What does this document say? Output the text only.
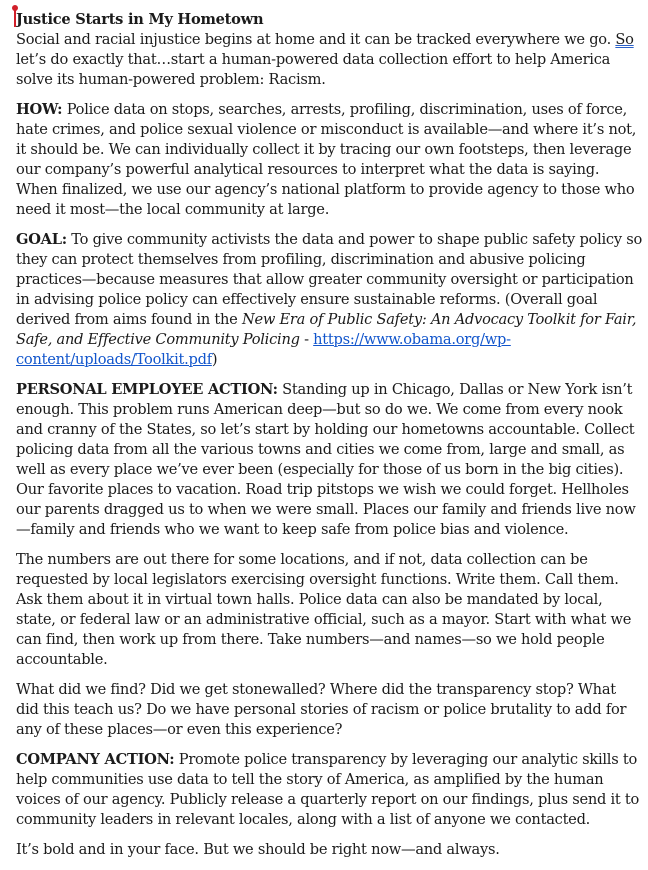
Justice Starts in My Hometown

Social and racial injustice begins at home and it can be tracked everywhere we go. So let’s do exactly that…start a human-powered data collection effort to help America solve its human-powered problem: Racism.

HOW: Police data on stops, searches, arrests, profiling, discrimination, uses of force, hate crimes, and police sexual violence or misconduct is available—and where it’s not, it should be. We can individually collect it by tracing our own footsteps, then leverage our company’s powerful analytical resources to interpret what the data is saying. When finalized, we use our agency’s national platform to provide agency to those who need it most—the local community at large.

GOAL: To give community activists the data and power to shape public safety policy so they can protect themselves from profiling, discrimination and abusive policing practices—because measures that allow greater community oversight or participation in advising police policy can effectively ensure sustainable reforms. (Overall goal derived from aims found in the New Era of Public Safety: An Advocacy Toolkit for Fair, Safe, and Effective Community Policing - https://www.obama.org/wp-content/uploads/Toolkit.pdf)

PERSONAL EMPLOYEE ACTION: Standing up in Chicago, Dallas or New York isn’t enough. This problem runs American deep—but so do we. We come from every nook and cranny of the States, so let’s start by holding our hometowns accountable. Collect policing data from all the various towns and cities we come from, large and small, as well as every place we’ve ever been (especially for those of us born in the big cities). Our favorite places to vacation. Road trip pitstops we wish we could forget. Hellholes our parents dragged us to when we were small. Places our family and friends live now—family and friends who we want to keep safe from police bias and violence.

The numbers are out there for some locations, and if not, data collection can be requested by local legislators exercising oversight functions. Write them. Call them. Ask them about it in virtual town halls. Police data can also be mandated by local, state, or federal law or an administrative official, such as a mayor. Start with what we can find, then work up from there. Take numbers—and names—so we hold people accountable.

What did we find? Did we get stonewalled? Where did the transparency stop? What did this teach us? Do we have personal stories of racism or police brutality to add for any of these places—or even this experience?

COMPANY ACTION: Promote police transparency by leveraging our analytic skills to help communities use data to tell the story of America, as amplified by the human voices of our agency. Publicly release a quarterly report on our findings, plus send it to community leaders in relevant locales, along with a list of anyone we contacted.

It’s bold and in your face. But we should be right now—and always.
